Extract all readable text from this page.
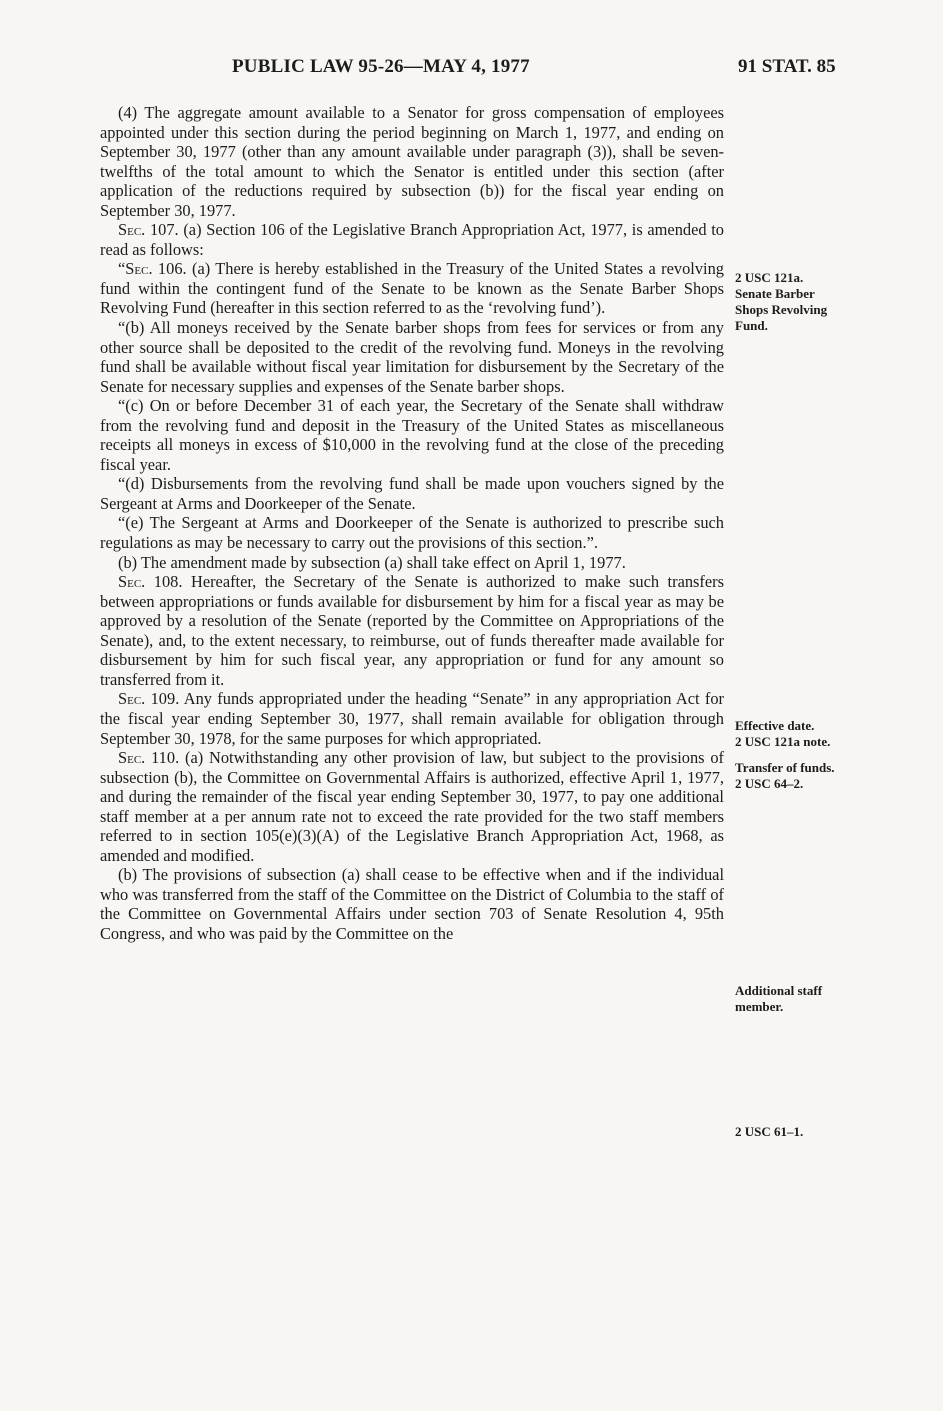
PUBLIC LAW 95-26—MAY 4, 1977	91 STAT. 85

(4) The aggregate amount available to a Senator for gross compensation of employees appointed under this section during the period beginning on March 1, 1977, and ending on September 30, 1977 (other than any amount available under paragraph (3)), shall be seven-twelfths of the total amount to which the Senator is entitled under this section (after application of the reductions required by subsection (b)) for the fiscal year ending on September 30, 1977.

Sec. 107. (a) Section 106 of the Legislative Branch Appropriation Act, 1977, is amended to read as follows:

“Sec. 106. (a) There is hereby established in the Treasury of the United States a revolving fund within the contingent fund of the Senate to be known as the Senate Barber Shops Revolving Fund (hereafter in this section referred to as the ‘revolving fund’).

“(b) All moneys received by the Senate barber shops from fees for services or from any other source shall be deposited to the credit of the revolving fund. Moneys in the revolving fund shall be available without fiscal year limitation for disbursement by the Secretary of the Senate for necessary supplies and expenses of the Senate barber shops.

“(c) On or before December 31 of each year, the Secretary of the Senate shall withdraw from the revolving fund and deposit in the Treasury of the United States as miscellaneous receipts all moneys in excess of $10,000 in the revolving fund at the close of the preceding fiscal year.

“(d) Disbursements from the revolving fund shall be made upon vouchers signed by the Sergeant at Arms and Doorkeeper of the Senate.

“(e) The Sergeant at Arms and Doorkeeper of the Senate is authorized to prescribe such regulations as may be necessary to carry out the provisions of this section.”.

(b) The amendment made by subsection (a) shall take effect on April 1, 1977.

Sec. 108. Hereafter, the Secretary of the Senate is authorized to make such transfers between appropriations or funds available for disbursement by him for a fiscal year as may be approved by a resolution of the Senate (reported by the Committee on Appropriations of the Senate), and, to the extent necessary, to reimburse, out of funds thereafter made available for disbursement by him for such fiscal year, any appropriation or fund for any amount so transferred from it.

Sec. 109. Any funds appropriated under the heading “Senate” in any appropriation Act for the fiscal year ending September 30, 1977, shall remain available for obligation through September 30, 1978, for the same purposes for which appropriated.

Sec. 110. (a) Notwithstanding any other provision of law, but subject to the provisions of subsection (b), the Committee on Governmental Affairs is authorized, effective April 1, 1977, and during the remainder of the fiscal year ending September 30, 1977, to pay one additional staff member at a per annum rate not to exceed the rate provided for the two staff members referred to in section 105(e)(3)(A) of the Legislative Branch Appropriation Act, 1968, as amended and modified.

(b) The provisions of subsection (a) shall cease to be effective when and if the individual who was transferred from the staff of the Committee on the District of Columbia to the staff of the Committee on Governmental Affairs under section 703 of Senate Resolution 4, 95th Congress, and who was paid by the Committee on the

2 USC 121a.
Senate Barber
Shops Revolving
Fund.
Effective date.
2 USC 121a note.
Transfer of funds.
2 USC 64–2.
Additional staff
member.
2 USC 61–1.
